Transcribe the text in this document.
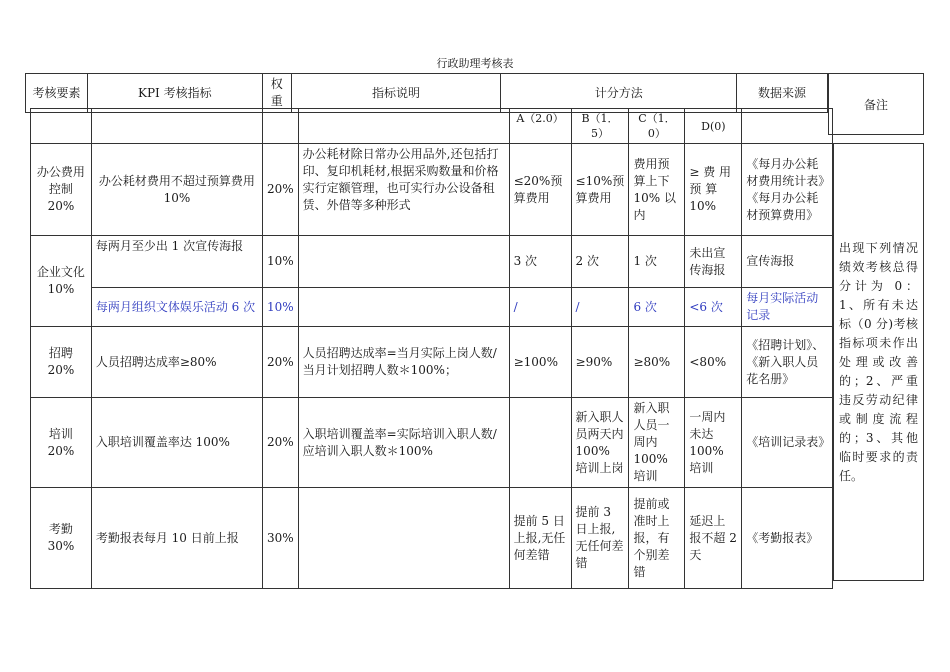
行政助理考核表
考核要素	KPI 考核指标	权重	指标说明	计分方法	数据来源
备注
				A（2.0）	B（1．5）	C（1．0）	D(0)	
办公费用控制 20%	办公耗材费用不超过预算费用 10%	20%	办公耗材除日常办公用品外,还包括打印、复印机耗材,根据采购数量和价格实行定额管理，也可实行办公设备租赁、外借等多种形式	≤20%预算费用	≤10%预算费用	费用预算上下 10% 以内	≥ 费 用 预 算 10%	《每月办公耗材费用统计表》《每月办公耗材预算费用》
企业文化 10%	每两月至少出 1 次宣传海报	10%		3 次	2 次	1 次	未出宣传海报	宣传海报
	每两月组织文体娱乐活动 6 次	10%		/	/	6 次	<6 次	每月实际活动记录
招聘 20%	人员招聘达成率≥80%	20%	人员招聘达成率=当月实际上岗人数/当月计划招聘人数＊100%；	≥100%	≥90%	≥80%	<80%	《招聘计划》、《新入职人员花名册》
培训 20%	入职培训覆盖率达 100%	20%	入职培训覆盖率=实际培训入职人数/应培训入职人数＊100%		新入职人员两天内100% 培训上岗	新入职人员一周内 100% 培训	一周内未达 100% 培训	《培训记录表》
考勤 30%	考勤报表每月 10 日前上报	30%		提前 5 日上报,无任何差错	提前 3 日上报,无任何差错	提前或准时上报，有个别差错	延迟上报不超 2 天	《考勤报表》
出现下列情况绩效考核总得分计为 0：1、所有未达标（0 分)考核指标项未作出处理或改善的；2、严重违反劳动纪律或制度流程的；3、其他临时要求的责任。
